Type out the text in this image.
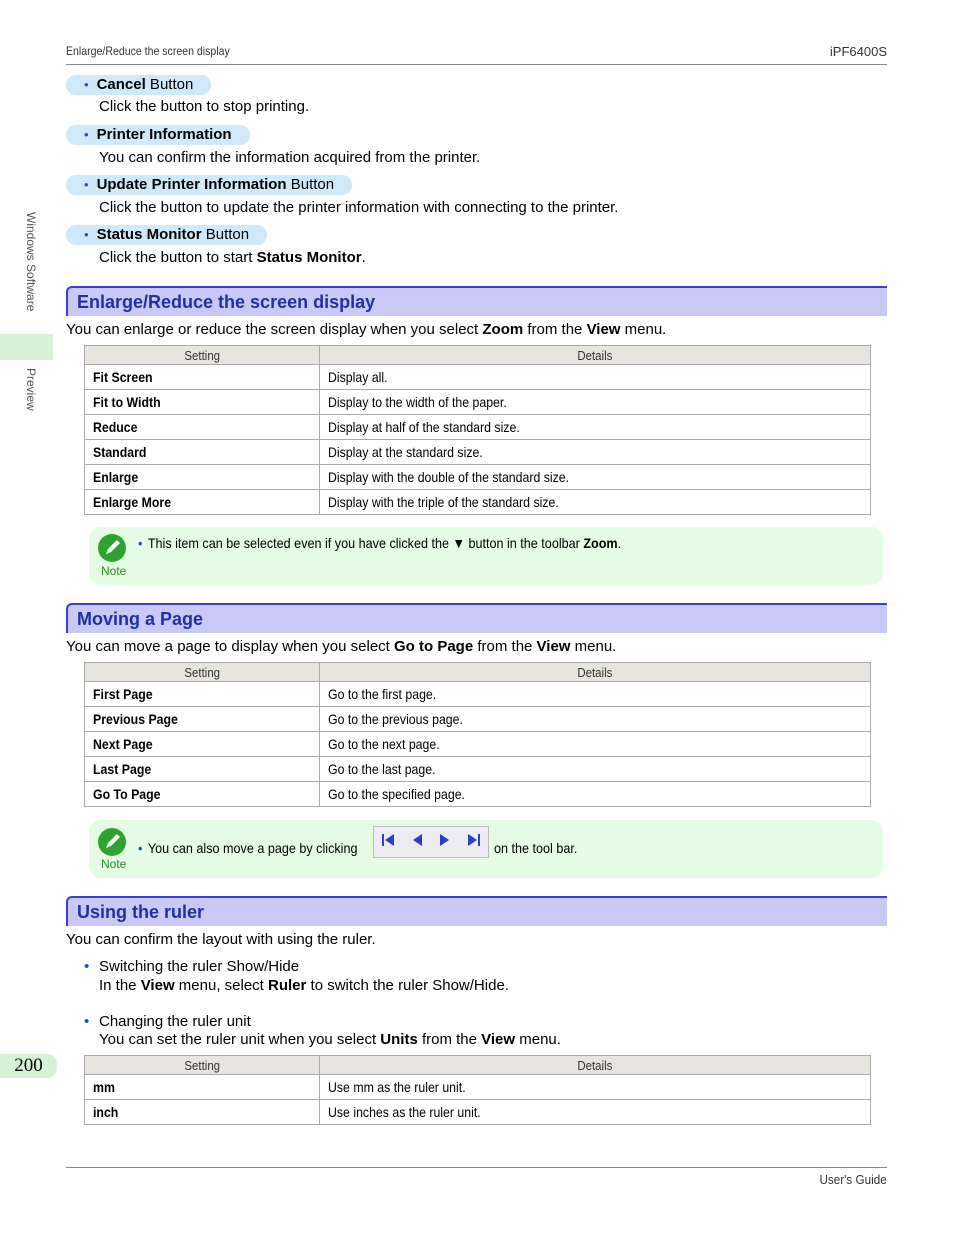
Enlarge/Reduce the screen display	iPF6400S
Windows Software
Preview
• Cancel Button
Click the button to stop printing.
• Printer Information
You can confirm the information acquired from the printer.
• Update Printer Information Button
Click the button to update the printer information with connecting to the printer.
• Status Monitor Button
Click the button to start Status Monitor.
Enlarge/Reduce the screen display
You can enlarge or reduce the screen display when you select Zoom from the View menu.
Setting	Details
Fit Screen	Display all.
Fit to Width	Display to the width of the paper.
Reduce	Display at half of the standard size.
Standard	Display at the standard size.
Enlarge	Display with the double of the standard size.
Enlarge More	Display with the triple of the standard size.
Note
• This item can be selected even if you have clicked the ▼ button in the toolbar Zoom.
Moving a Page
You can move a page to display when you select Go to Page from the View menu.
Setting	Details
First Page	Go to the first page.
Previous Page	Go to the previous page.
Next Page	Go to the next page.
Last Page	Go to the last page.
Go To Page	Go to the specified page.
Note
• You can also move a page by clicking	on the tool bar.
Using the ruler
You can confirm the layout with using the ruler.
• Switching the ruler Show/Hide
In the View menu, select Ruler to switch the ruler Show/Hide.
• Changing the ruler unit
You can set the ruler unit when you select Units from the View menu.
Setting	Details
mm	Use mm as the ruler unit.
inch	Use inches as the ruler unit.
200
User's Guide
